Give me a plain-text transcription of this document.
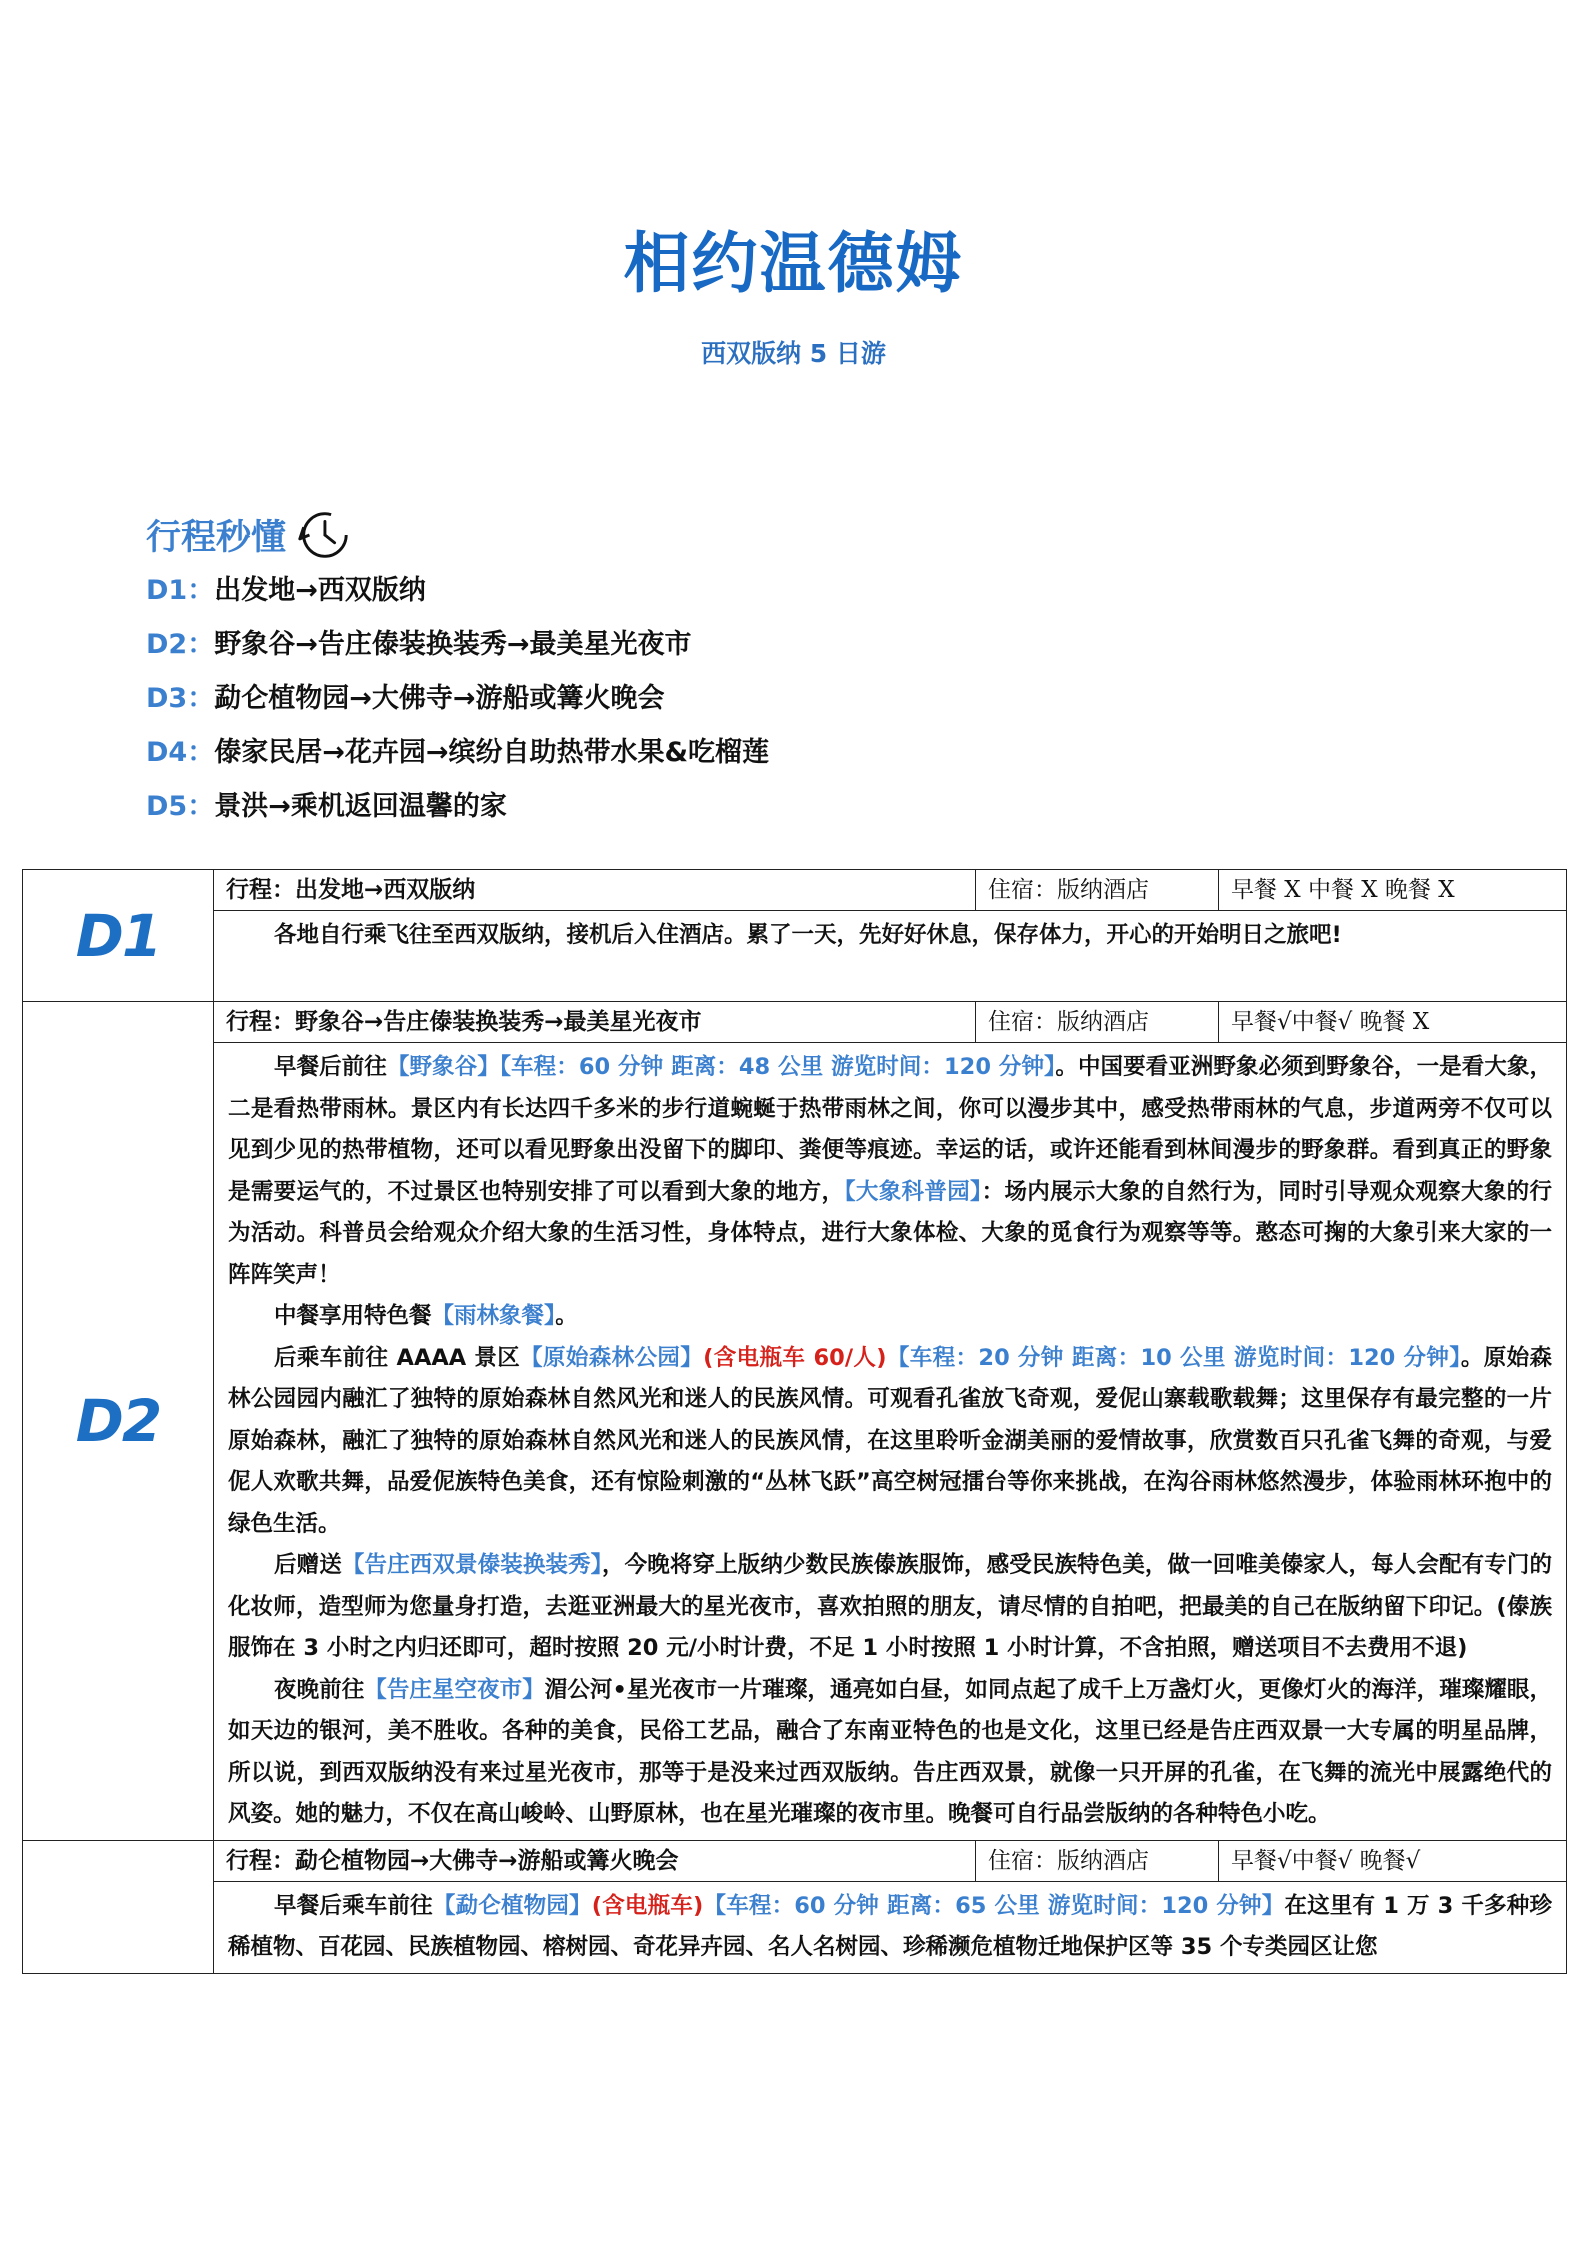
相约温德姆
西双版纳 5 日游
行程秒懂
D1：出发地→西双版纳
D2：野象谷→告庄傣装换装秀→最美星光夜市
D3：勐仑植物园→大佛寺→游船或篝火晚会
D4：傣家民居→花卉园→缤纷自助热带水果&吃榴莲
D5：景洪→乘机返回温馨的家
D1	行程：出发地→西双版纳	住宿：版纳酒店	早餐 X 中餐 X 晚餐 X

	各地自行乘飞往至西双版纳，接机后入住酒店。累了一天，先好好休息，保存体力，开心的开始明日之旅吧!		

D2	行程：野象谷→告庄傣装换装秀→最美星光夜市	住宿：版纳酒店	早餐√中餐√ 晚餐 X

	早餐后前往【野象谷】【车程：60 分钟 距离：48 公里 游览时间：120 分钟】。中国要看亚洲野象必须到野象谷，一是看大象，二是看热带雨林。景区内有长达四千多米的步行道蜿蜒于热带雨林之间，你可以漫步其中，感受热带雨林的气息，步道两旁不仅可以见到少见的热带植物，还可以看见野象出没留下的脚印、粪便等痕迹。幸运的话，或许还能看到林间漫步的野象群。看到真正的野象是需要运气的，不过景区也特别安排了可以看到大象的地方，【大象科普园】：场内展示大象的自然行为，同时引导观众观察大象的行为活动。科普员会给观众介绍大象的生活习性，身体特点，进行大象体检、大象的觅食行为观察等等。憨态可掬的大象引来大家的一阵阵笑声！

中餐享用特色餐【雨林象餐】。

后乘车前往 AAAA 景区【原始森林公园】(含电瓶车 60/人)【车程：20 分钟 距离：10 公里 游览时间：120 分钟】。原始森林公园园内融汇了独特的原始森林自然风光和迷人的民族风情。可观看孔雀放飞奇观，爱伲山寨载歌载舞；这里保存有最完整的一片原始森林，融汇了独特的原始森林自然风光和迷人的民族风情，在这里聆听金湖美丽的爱情故事，欣赏数百只孔雀飞舞的奇观，与爱伲人欢歌共舞，品爱伲族特色美食，还有惊险刺激的“丛林飞跃”高空树冠擂台等你来挑战，在沟谷雨林悠然漫步，体验雨林环抱中的绿色生活。

后赠送【告庄西双景傣装换装秀】，今晚将穿上版纳少数民族傣族服饰，感受民族特色美，做一回唯美傣家人，每人会配有专门的化妆师，造型师为您量身打造，去逛亚洲最大的星光夜市，喜欢拍照的朋友，请尽情的自拍吧，把最美的自己在版纳留下印记。(傣族服饰在 3 小时之内归还即可，超时按照 20 元/小时计费，不足 1 小时按照 1 小时计算，不含拍照，赠送项目不去费用不退)

夜晚前往【告庄星空夜市】湄公河•星光夜市一片璀璨，通亮如白昼，如同点起了成千上万盏灯火，更像灯火的海洋，璀璨耀眼，如天边的银河，美不胜收。各种的美食，民俗工艺品，融合了东南亚特色的也是文化，这里已经是告庄西双景一大专属的明星品牌，所以说，到西双版纳没有来过星光夜市，那等于是没来过西双版纳。告庄西双景，就像一只开屏的孔雀，在飞舞的流光中展露绝代的风姿。她的魅力，不仅在高山峻岭、山野原林，也在星光璀璨的夜市里。晚餐可自行品尝版纳的各种特色小吃。		

	行程：勐仑植物园→大佛寺→游船或篝火晚会	住宿：版纳酒店	早餐√中餐√ 晚餐√

	早餐后乘车前往【勐仑植物园】(含电瓶车)【车程：60 分钟 距离：65 公里 游览时间：120 分钟】在这里有 1 万 3 千多种珍稀植物、百花园、民族植物园、榕树园、奇花异卉园、名人名树园、珍稀濒危植物迁地保护区等 35 个专类园区让您		
